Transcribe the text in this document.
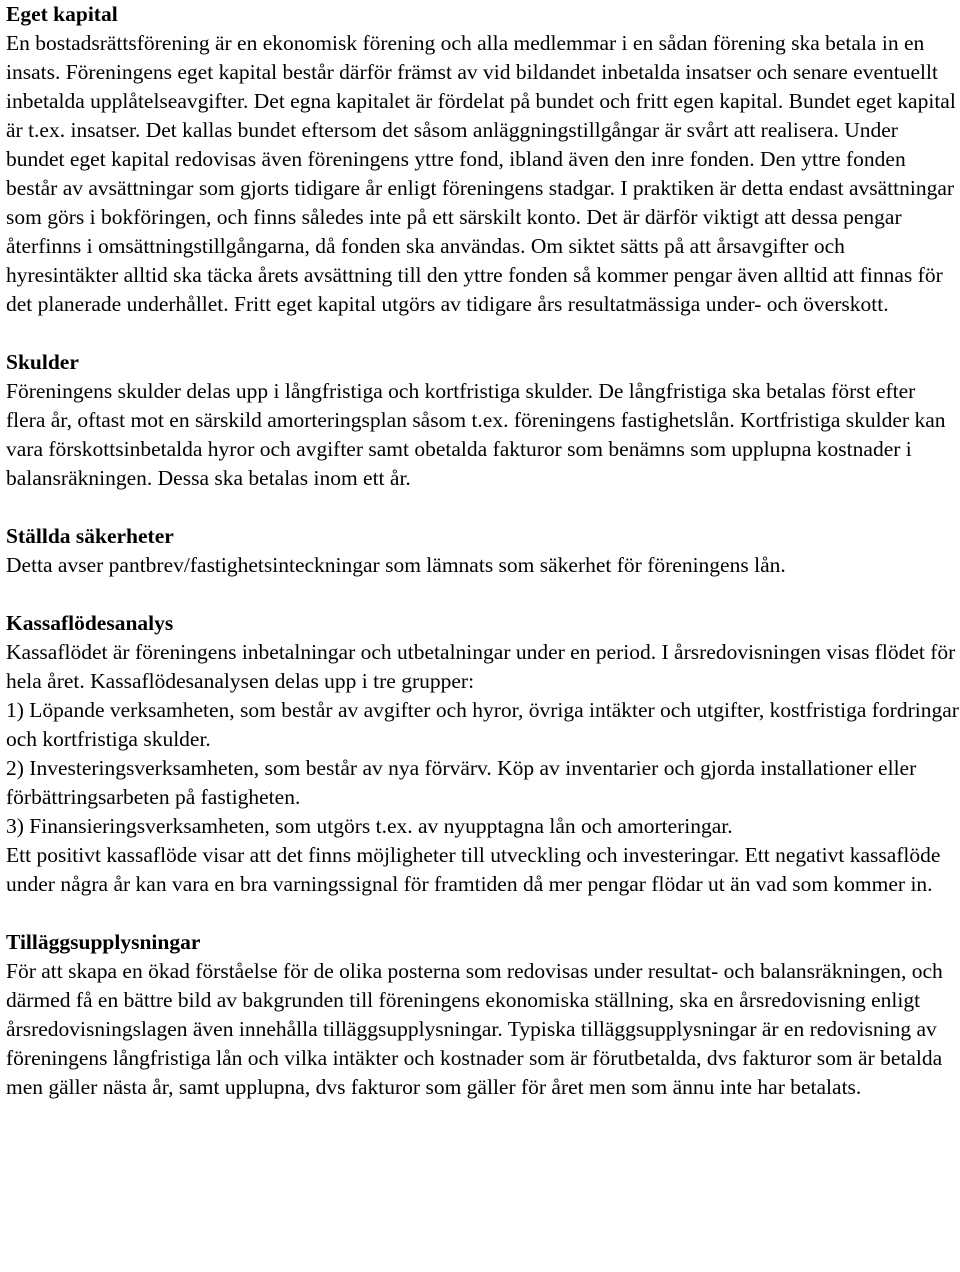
Eget kapital

En bostadsrättsförening är en ekonomisk förening och alla medlemmar i en sådan förening ska betala in en insats. Föreningens eget kapital består därför främst av vid bildandet inbetalda insatser och senare eventuellt inbetalda upplåtelseavgifter. Det egna kapitalet är fördelat på bundet och fritt egen kapital. Bundet eget kapital är t.ex. insatser. Det kallas bundet eftersom det såsom anläggningstillgångar är svårt att realisera. Under bundet eget kapital redovisas även föreningens yttre fond, ibland även den inre fonden. Den yttre fonden består av avsättningar som gjorts tidigare år enligt föreningens stadgar. I praktiken är detta endast avsättningar som görs i bokföringen, och finns således inte på ett särskilt konto. Det är därför viktigt att dessa pengar återfinns i omsättningstillgångarna, då fonden ska användas. Om siktet sätts på att årsavgifter och hyresintäkter alltid ska täcka årets avsättning till den yttre fonden så kommer pengar även alltid att finnas för det planerade underhållet. Fritt eget kapital utgörs av tidigare års resultatmässiga under- och överskott.

Skulder

Föreningens skulder delas upp i långfristiga och kortfristiga skulder. De långfristiga ska betalas först efter flera år, oftast mot en särskild amorteringsplan såsom t.ex. föreningens fastighetslån. Kortfristiga skulder kan vara förskottsinbetalda hyror och avgifter samt obetalda fakturor som benämns som upplupna kostnader i balansräkningen. Dessa ska betalas inom ett år.

Ställda säkerheter

Detta avser pantbrev/fastighetsinteckningar som lämnats som säkerhet för föreningens lån.

Kassaflödesanalys

Kassaflödet är föreningens inbetalningar och utbetalningar under en period. I årsredovisningen visas flödet för hela året. Kassaflödesanalysen delas upp i tre grupper:
1) Löpande verksamheten, som består av avgifter och hyror, övriga intäkter och utgifter, kostfristiga fordringar och kortfristiga skulder.
2) Investeringsverksamheten, som består av nya förvärv. Köp av inventarier och gjorda installationer eller förbättringsarbeten på fastigheten.
3) Finansieringsverksamheten, som utgörs t.ex. av nyupptagna lån och amorteringar.
Ett positivt kassaflöde visar att det finns möjligheter till utveckling och investeringar. Ett negativt kassaflöde under några år kan vara en bra varningssignal för framtiden då mer pengar flödar ut än vad som kommer in.

Tilläggsupplysningar

För att skapa en ökad förståelse för de olika posterna som redovisas under resultat- och balansräkningen, och därmed få en bättre bild av bakgrunden till föreningens ekonomiska ställning, ska en årsredovisning enligt årsredovisningslagen även innehålla tilläggsupplysningar. Typiska tilläggsupplysningar är en redovisning av föreningens långfristiga lån och vilka intäkter och kostnader som är förutbetalda, dvs fakturor som är betalda men gäller nästa år, samt upplupna, dvs fakturor som gäller för året men som ännu inte har betalats.
